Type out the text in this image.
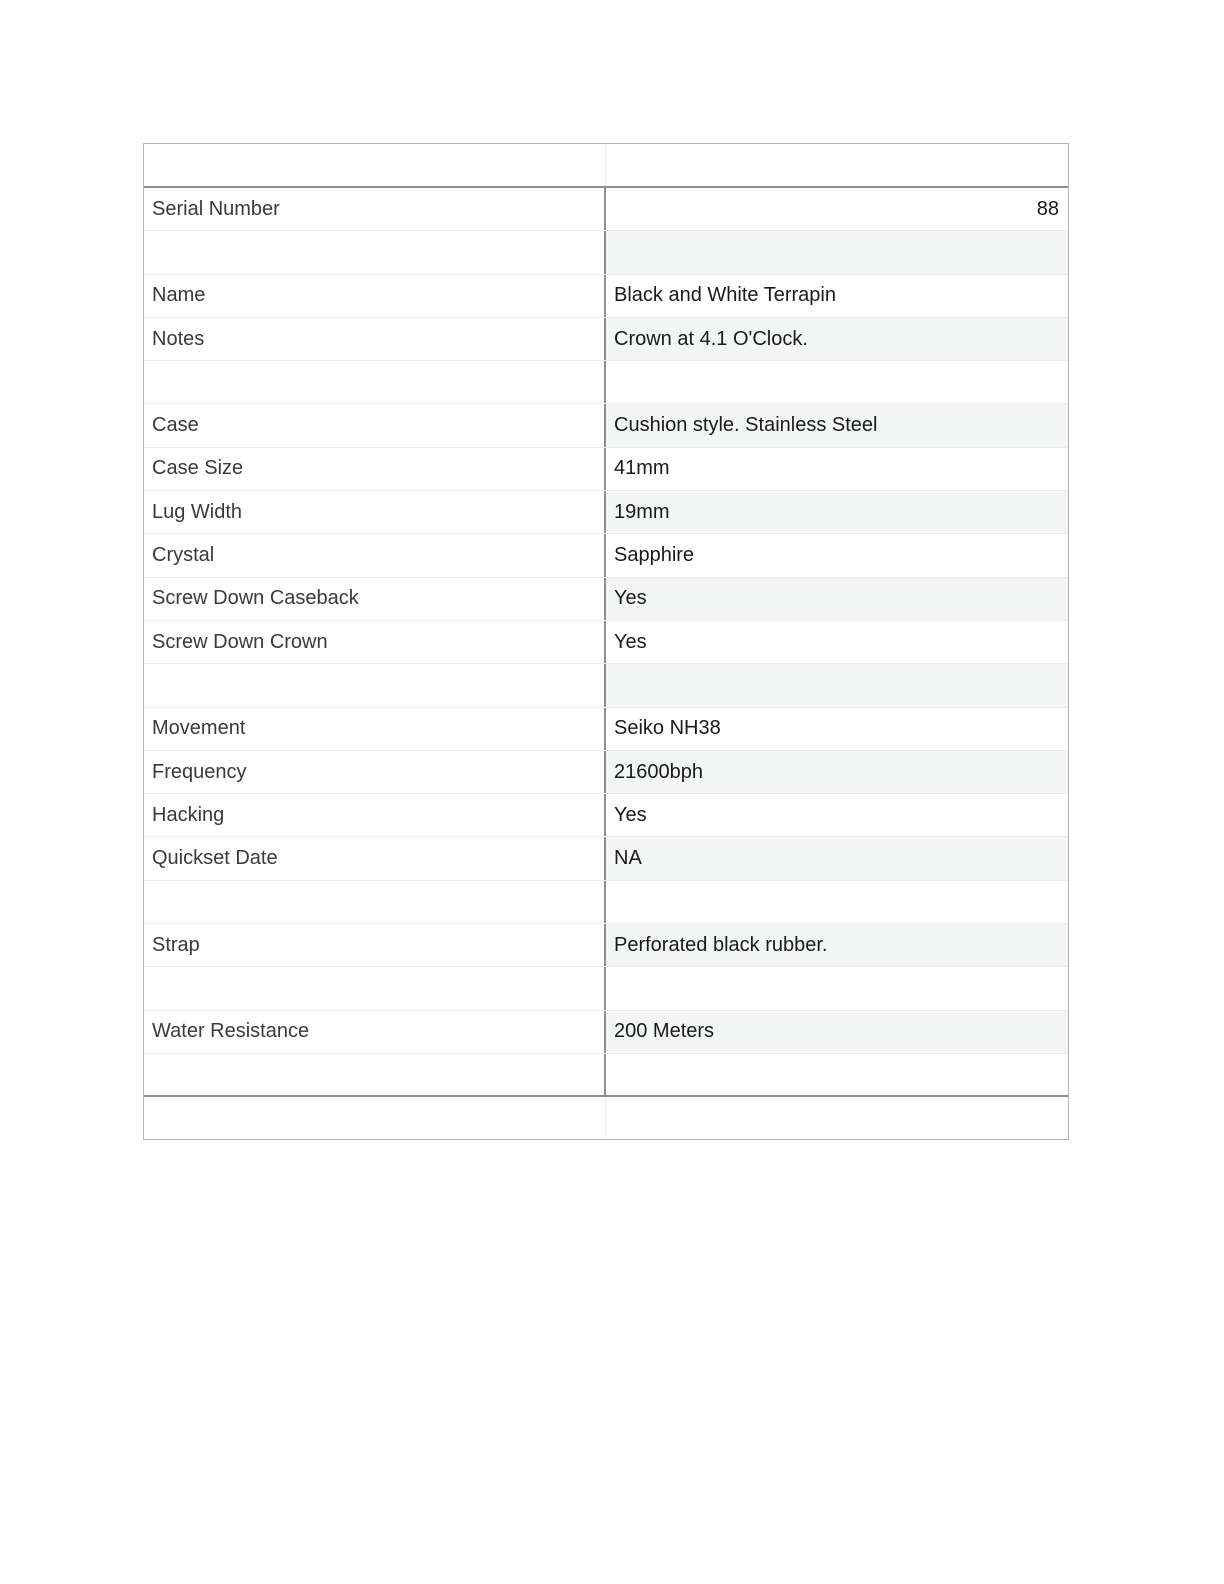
Serial Number	88
Name	Black and White Terrapin
Notes	Crown at 4.1 O'Clock.
Case	Cushion style. Stainless Steel
Case Size	41mm
Lug Width	19mm
Crystal	Sapphire
Screw Down Caseback	Yes
Screw Down Crown	Yes
Movement	Seiko NH38
Frequency	21600bph
Hacking	Yes
Quickset Date	NA
Strap	Perforated black rubber.
Water Resistance	200 Meters
